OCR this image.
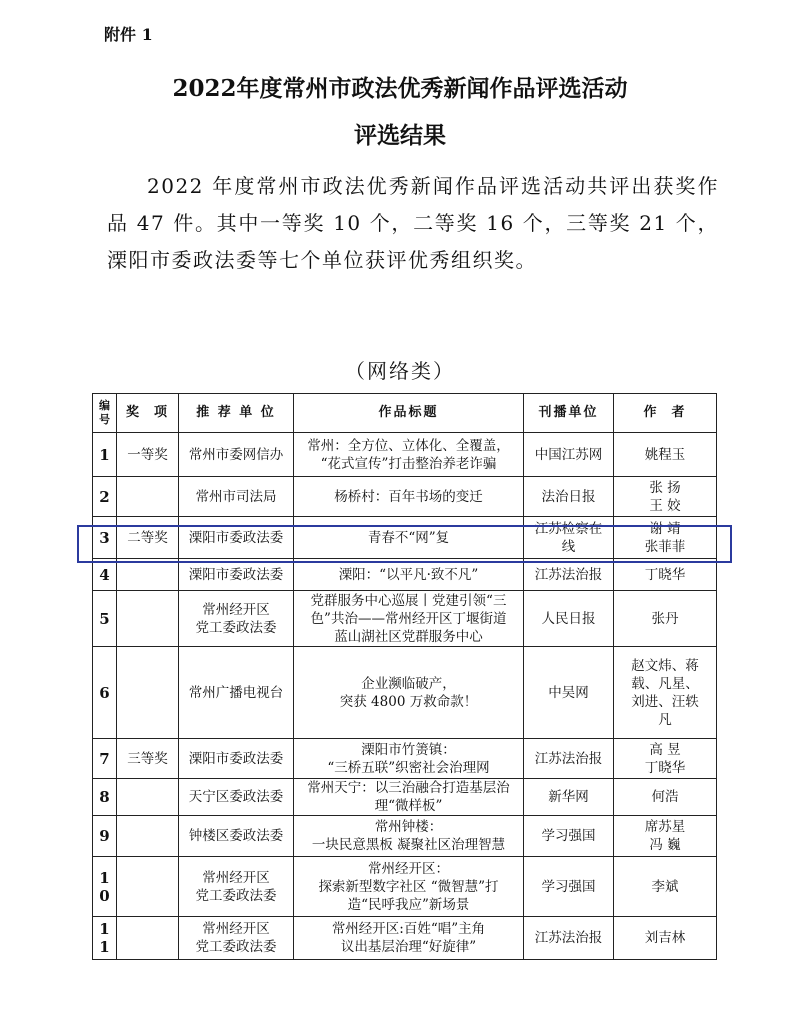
附件 1
2022年度常州市政法优秀新闻作品评选活动
评选结果
2022 年度常州市政法优秀新闻作品评选活动共评出获奖作品 47 件。其中一等奖 10 个，二等奖 16 个，三等奖 21 个，溧阳市委政法委等七个单位获评优秀组织奖。
（网络类）
编
号	奖  项	推 荐 单 位	作品标题	刊播单位	作  者
1	一等奖	常州市委网信办	常州：全方位、立体化、全覆盖，
“花式宣传”打击整治养老诈骗	中国江苏网	姚程玉
2		常州市司法局	杨桥村：百年书场的变迁	法治日报	张 扬
王 姣
3	二等奖	溧阳市委政法委	青春不“网”复	江苏检察在
线	谢 靖
张菲菲
4		溧阳市委政法委	溧阳：“以平凡·致不凡”	江苏法治报	丁晓华
5		常州经开区
党工委政法委	党群服务中心巡展丨党建引领“三
色”共治——常州经开区丁堰街道
蓝山湖社区党群服务中心	人民日报	张丹
6		常州广播电视台	企业濒临破产，
突获 4800 万救命款！	中吴网	赵文炜、蒋
载、凡星、
刘进、汪轶
凡
7	三等奖	溧阳市委政法委	溧阳市竹箦镇：
“三桥五联”织密社会治理网	江苏法治报	高 昱
丁晓华
8		天宁区委政法委	常州天宁：以三治融合打造基层治
理“微样板”	新华网	何浩
9		钟楼区委政法委	常州钟楼：
一块民意黑板 凝聚社区治理智慧	学习强国	席苏星
冯 巍
1
0		常州经开区
党工委政法委	常州经开区：
探索新型数字社区 “微智慧”打
造“民呼我应”新场景	学习强国	李斌
1
1		常州经开区
党工委政法委	常州经开区:百姓“唱”主角
议出基层治理“好旋律”	江苏法治报	刘吉林
